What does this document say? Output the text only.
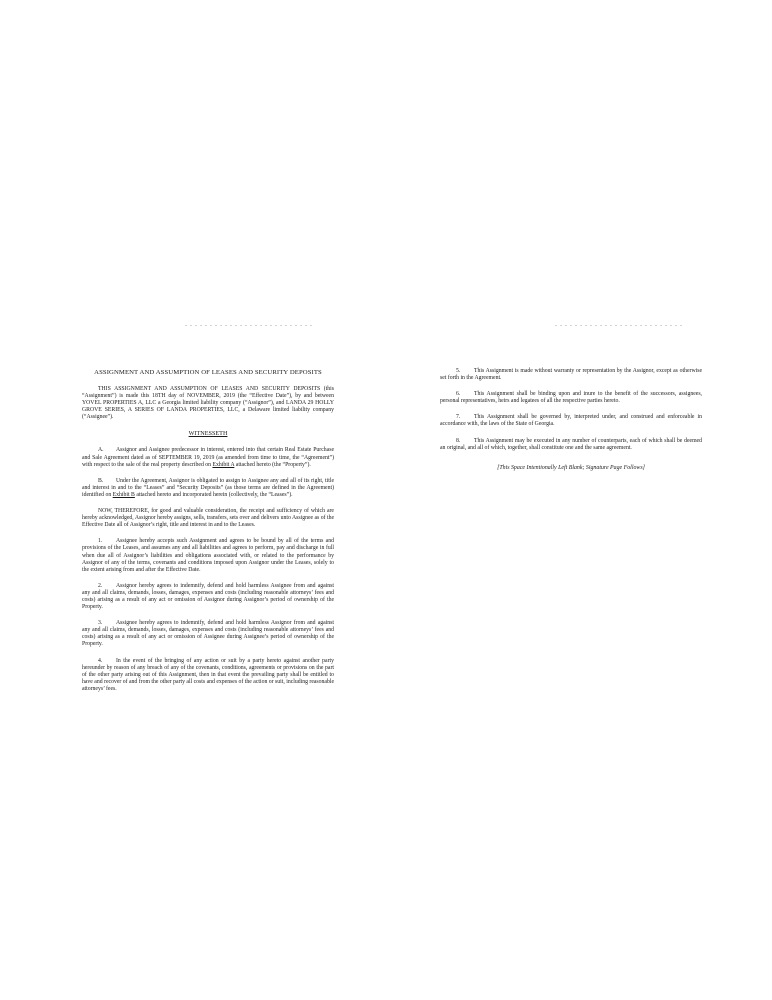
ASSIGNMENT AND ASSUMPTION OF LEASES AND SECURITY DEPOSITS

THIS ASSIGNMENT AND ASSUMPTION OF LEASES AND SECURITY DEPOSITS (this “Assignment”) is made this 18TH day of NOVEMBER, 2019 (the “Effective Date”), by and between YOVEL PROPERTIES A, LLC a Georgia limited liability company (“Assignor”), and LANDA 29 HOLLY GROVE SERIES, A SERIES OF LANDA PROPERTIES, LLC, a Delaware limited liability company (“Assignee”).

WITNESSETH

A. Assignor and Assignee predecessor in interest, entered into that certain Real Estate Purchase and Sale Agreement dated as of SEPTEMBER 19, 2019 (as amended from time to time, the “Agreement”) with respect to the sale of the real property described on Exhibit A attached hereto (the “Property”).

B. Under the Agreement, Assignor is obligated to assign to Assignee any and all of its right, title and interest in and to the “Leases” and “Security Deposits” (as those terms are defined in the Agreement) identified on Exhibit B attached hereto and incorporated herein (collectively, the “Leases”).

NOW, THEREFORE, for good and valuable consideration, the receipt and sufficiency of which are hereby acknowledged, Assignor hereby assigns, sells, transfers, sets over and delivers unto Assignee as of the Effective Date all of Assignor’s right, title and interest in and to the Leases.

1. Assignee hereby accepts such Assignment and agrees to be bound by all of the terms and provisions of the Leases, and assumes any and all liabilities and agrees to perform, pay and discharge in full when due all of Assignor’s liabilities and obligations associated with, or related to the performance by Assignor of any of the terms, covenants and conditions imposed upon Assignor under the Leases, solely to the extent arising from and after the Effective Date.

2. Assignor hereby agrees to indemnify, defend and hold harmless Assignee from and against any and all claims, demands, losses, damages, expenses and costs (including reasonable attorneys’ fees and costs) arising as a result of any act or omission of Assignor during Assignor’s period of ownership of the Property.

3. Assignee hereby agrees to indemnify, defend and hold harmless Assignor from and against any and all claims, demands, losses, damages, expenses and costs (including reasonable attorneys’ fees and costs) arising as a result of any act or omission of Assignee during Assignee’s period of ownership of the Property.

4. In the event of the bringing of any action or suit by a party hereto against another party hereunder by reason of any breach of any of the covenants, conditions, agreements or provisions on the part of the other party arising out of this Assignment, then in that event the prevailing party shall be entitled to have and recover of and from the other party all costs and expenses of the action or suit, including reasonable attorneys’ fees.

5. This Assignment is made without warranty or representation by the Assignor, except as otherwise set forth in the Agreement.

6. This Assignment shall be binding upon and inure to the benefit of the successors, assignees, personal representatives, heirs and legatees of all the respective parties hereto.

7. This Assignment shall be governed by, interpreted under, and construed and enforceable in accordance with, the laws of the State of Georgia.

8. This Assignment may be executed in any number of counterparts, each of which shall be deemed an original, and all of which, together, shall constitute one and the same agreement.

[This Space Intentionally Left Blank; Signature Page Follows]
